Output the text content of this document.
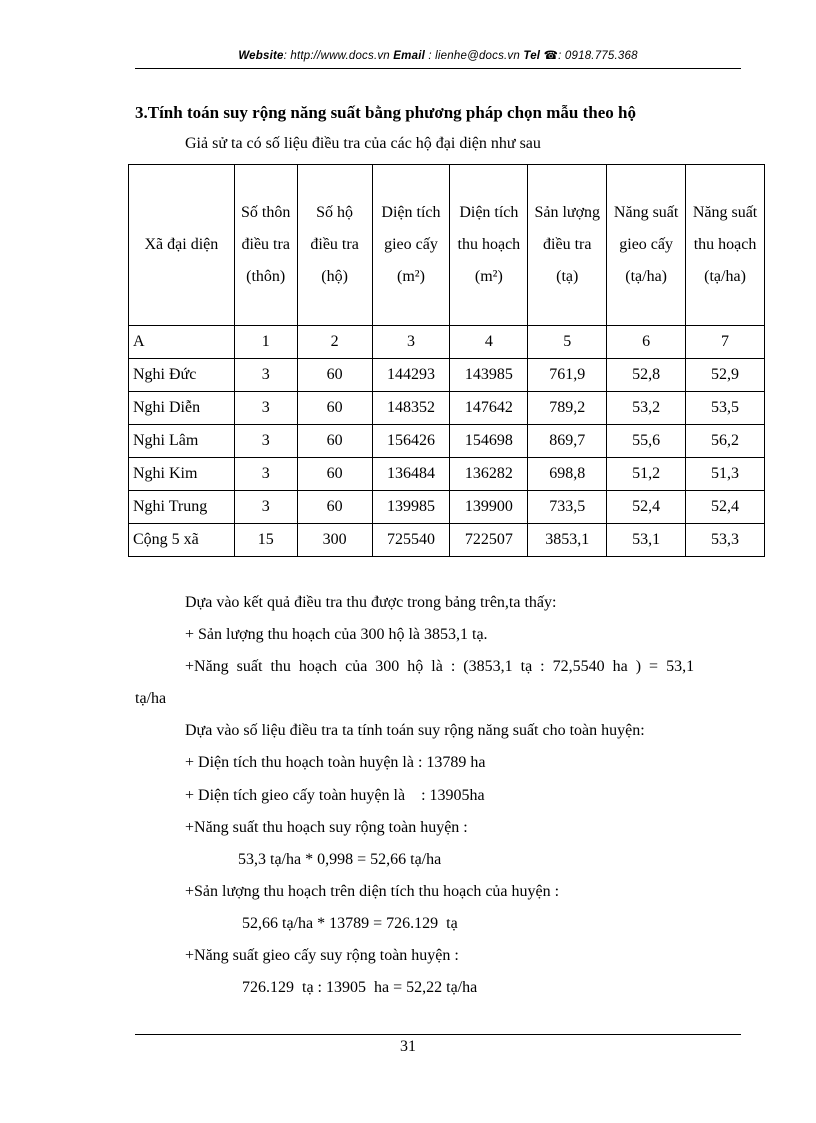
Website: http://www.docs.vn Email : lienhe@docs.vn Tel ☎: 0918.775.368
3.Tính toán suy rộng năng suất bằng phương pháp chọn mẫu theo hộ
Giả sử ta có số liệu điều tra của các hộ đại diện như sau
Xã đại diện	Số thôn điều tra (thôn)	Số hộ điều tra (hộ)	Diện tích gieo cấy (m²)	Diện tích thu hoạch (m²)	Sản lượng điều tra (tạ)	Năng suất gieo cấy (tạ/ha)	Năng suất thu hoạch (tạ/ha)
A	1	2	3	4	5	6	7
Nghi Đức	3	60	144293	143985	761,9	52,8	52,9
Nghi Diễn	3	60	148352	147642	789,2	53,2	53,5
Nghi Lâm	3	60	156426	154698	869,7	55,6	56,2
Nghi Kim	3	60	136484	136282	698,8	51,2	51,3
Nghi Trung	3	60	139985	139900	733,5	52,4	52,4
Cộng 5 xã	15	300	725540	722507	3853,1	53,1	53,3
Dựa vào kết quả điều tra thu được trong bảng trên,ta thấy:
+ Sản lượng thu hoạch của 300 hộ là 3853,1 tạ.
+Năng suất thu hoạch của 300 hộ là : (3853,1 tạ : 72,5540 ha ) = 53,1
tạ/ha
Dựa vào số liệu điều tra ta tính toán suy rộng năng suất cho toàn huyện:
+ Diện tích thu hoạch toàn huyện là : 13789 ha
+ Diện tích gieo cấy toàn huyện là    : 13905ha
+Năng suất thu hoạch suy rộng toàn huyện :
53,3 tạ/ha * 0,998 = 52,66 tạ/ha
+Sản lượng thu hoạch trên diện tích thu hoạch của huyện :
52,66 tạ/ha * 13789 = 726.129  tạ
+Năng suất gieo cấy suy rộng toàn huyện :
726.129  tạ : 13905  ha = 52,22 tạ/ha
31
